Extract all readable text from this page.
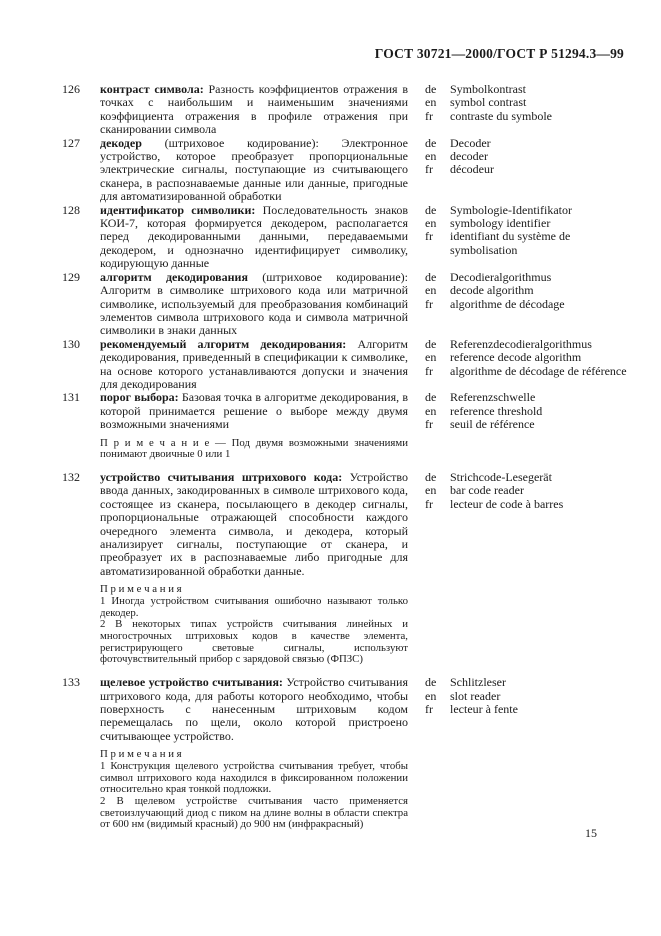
ГОСТ 30721—2000/ГОСТ Р 51294.3—99
126	контраст символа: Разность коэффициентов отражения в точках с наибольшим и наименьшим значениями коэффициента отражения в профиле отражения при сканировании символа

de	Symbolkontrast
en	symbol contrast
fr	contraste du symbole
127	декодер (штриховое кодирование): Электронное устройство, которое преобразует пропорциональные электрические сигналы, поступающие из считывающего сканера, в распознаваемые данные или данные, пригодные для автоматизированной обработки

de	Decoder
en	decoder
fr	décodeur
128	идентификатор символики: Последовательность знаков КОИ-7, которая формируется декодером, располагается перед декодированными данными, передаваемыми декодером, и однозначно идентифицирует символику, кодирующую данные

de	Symbologie-Identifikator
en	symbology identifier
fr	identifiant du système de symbolisation
129	алгоритм декодирования (штриховое кодирование): Алгоритм в символике штрихового кода или матричной символике, используемый для преобразования комбинаций элементов символа штрихового кода и символа матричной символики в знаки данных

de	Decodieralgorithmus
en	decode algorithm
fr	algorithme de décodage
130	рекомендуемый алгоритм декодирования: Алгоритм декодирования, приведенный в спецификации к символике, на основе которого устанавливаются допуски и значения для декодирования

de	Referenzdecodieralgorithmus
en	reference decode algorithm
fr	algorithme de décodage de référence
131	порог выбора: Базовая точка в алгоритме декодирования, в которой принимается решение о выборе между двумя возможными значениями

П р и м е ч а н и е — Под двумя возможными значениями понимают двоичные 0 или 1

de	Referenzschwelle
en	reference threshold
fr	seuil de référence
132	устройство считывания штрихового кода: Устройство ввода данных, закодированных в символе штрихового кода, состоящее из сканера, посылающего в декодер сигналы, пропорциональные отражающей способности каждого очередного элемента символа, и декодера, который анализирует сигналы, поступающие от сканера, и преобразует их в распознаваемые либо пригодные для автоматизированной обработки данные.

П р и м е ч а н и я

1 Иногда устройством считывания ошибочно называют только декодер.

2 В некоторых типах устройств считывания линейных и многострочных штриховых кодов в качестве элемента, регистрирующего световые сигналы, используют фоточувствительный прибор с зарядовой связью (ФПЗС)

de	Strichcode-Lesegerät
en	bar code reader
fr	lecteur de code à barres
133	щелевое устройство считывания: Устройство считывания штрихового кода, для работы которого необходимо, чтобы поверхность с нанесенным штриховым кодом перемещалась по щели, около которой пристроено считывающее устройство.

П р и м е ч а н и я

1 Конструкция щелевого устройства считывания требует, чтобы символ штрихового кода находился в фиксированном положении относительно края тонкой подложки.

2 В щелевом устройстве считывания часто применяется светоизлучающий диод с пиком на длине волны в области спектра от 600 нм (видимый красный) до 900 нм (инфракрасный)

de	Schlitzleser
en	slot reader
fr	lecteur à fente
15
